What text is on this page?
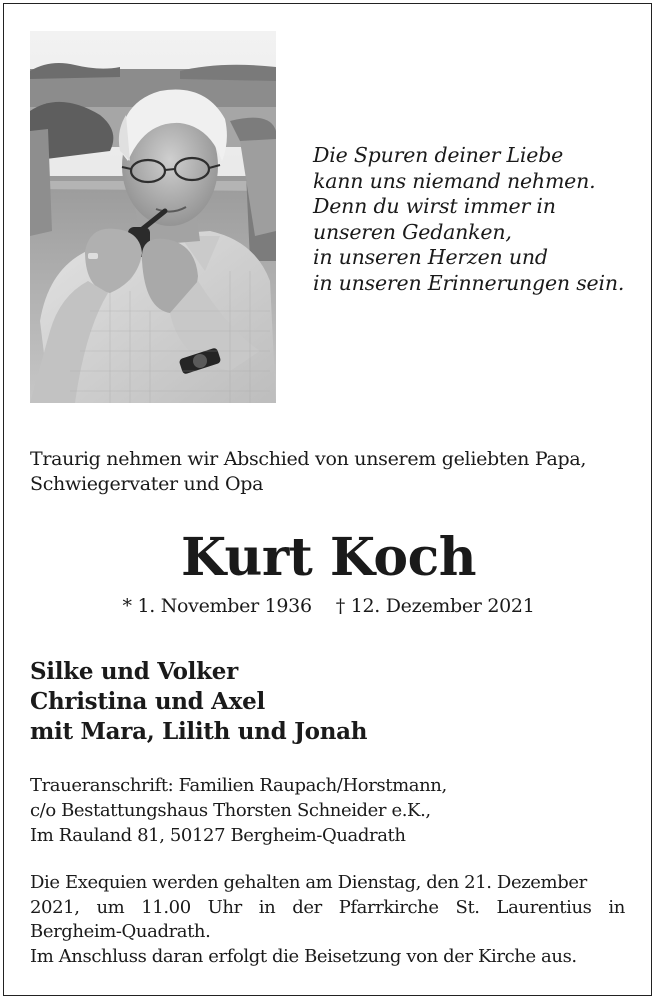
Die Spuren deiner Liebe
kann uns niemand nehmen.
Denn du wirst immer in
unseren Gedanken,
in unseren Herzen und
in unseren Erinnerungen sein.
Traurig nehmen wir Abschied von unserem geliebten Papa,
Schwiegervater und Opa
Kurt Koch
* 1. November 1936 † 12. Dezember 2021
Silke und Volker
Christina und Axel
mit Mara, Lilith und Jonah
Traueranschrift: Familien Raupach/Horstmann,
c/o Bestattungshaus Thorsten Schneider e.K.,
Im Rauland 81, 50127 Bergheim-Quadrath
Die Exequien werden gehalten am Dienstag, den 21. Dezember
2021, um 11.00 Uhr in der Pfarrkirche St. Laurentius in
Bergheim-Quadrath.
Im Anschluss daran erfolgt die Beisetzung von der Kirche aus.
